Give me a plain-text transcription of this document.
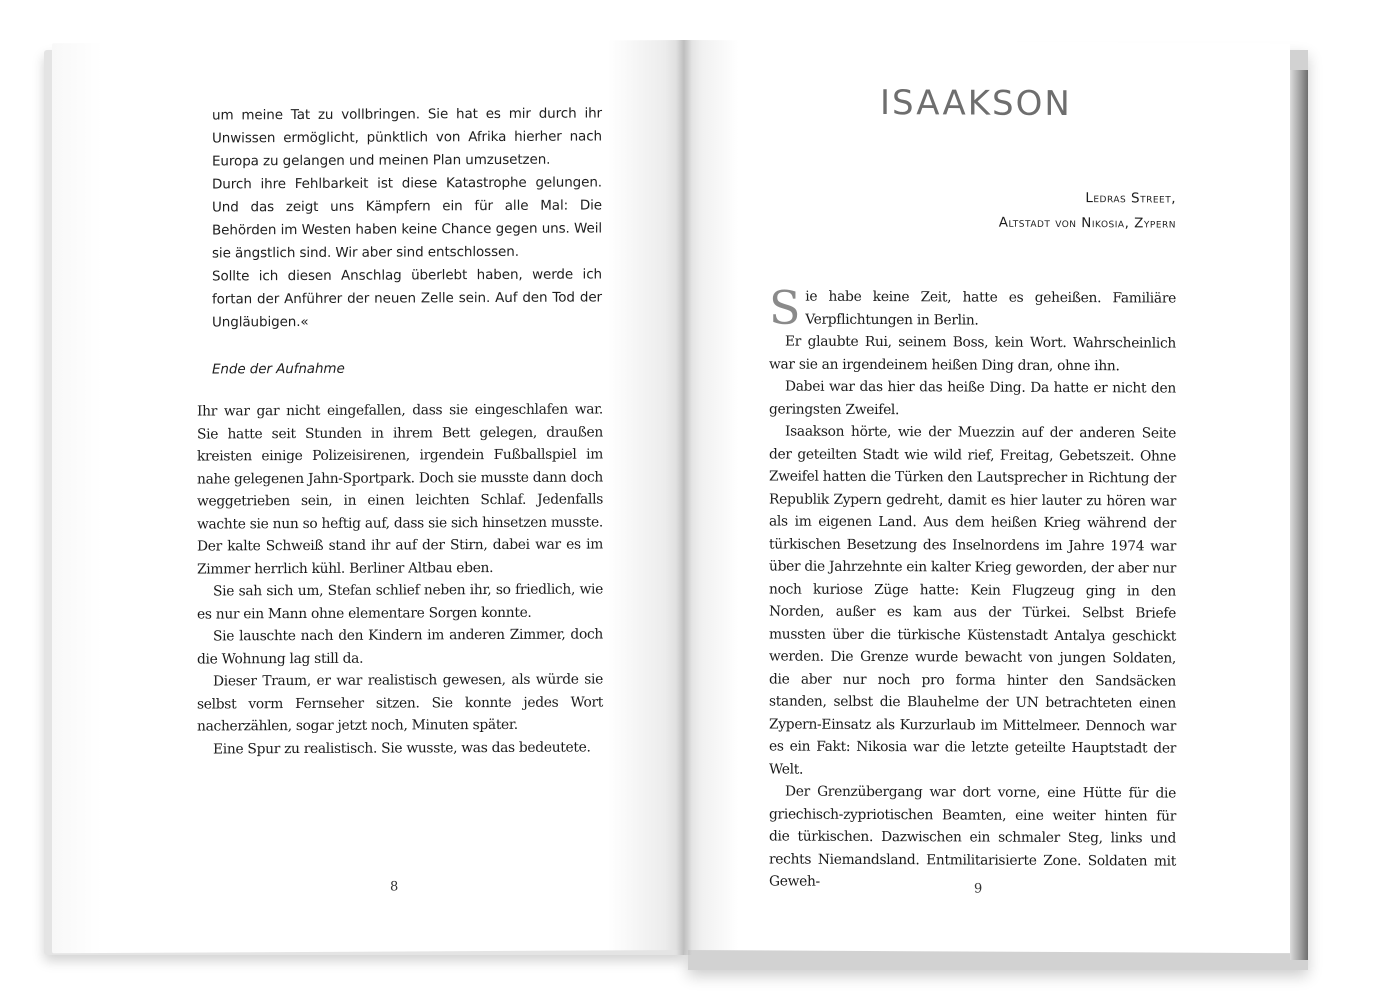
um meine Tat zu vollbringen. Sie hat es mir durch ihr Unwissen ermöglicht, pünktlich von Afrika hierher nach Europa zu gelangen und meinen Plan umzusetzen.

Durch ihre Fehlbarkeit ist diese Katastrophe gelungen. Und das zeigt uns Kämpfern ein für alle Mal: Die Behörden im Westen haben keine Chance gegen uns. Weil sie ängstlich sind. Wir aber sind entschlossen.

Sollte ich diesen Anschlag überlebt haben, werde ich fortan der Anführer der neuen Zelle sein. Auf den Tod der Ungläubigen.«

Ende der Aufnahme

Ihr war gar nicht eingefallen, dass sie eingeschlafen war. Sie hatte seit Stunden in ihrem Bett gelegen, draußen kreisten einige Polizeisirenen, irgendein Fußballspiel im nahe gelegenen Jahn-Sportpark. Doch sie musste dann doch weggetrieben sein, in einen leichten Schlaf. Jedenfalls wachte sie nun so heftig auf, dass sie sich hinsetzen musste. Der kalte Schweiß stand ihr auf der Stirn, dabei war es im Zimmer herrlich kühl. Berliner Altbau eben.

Sie sah sich um, Stefan schlief neben ihr, so friedlich, wie es nur ein Mann ohne elementare Sorgen konnte.

Sie lauschte nach den Kindern im anderen Zimmer, doch die Wohnung lag still da.

Dieser Traum, er war realistisch gewesen, als würde sie selbst vorm Fernseher sitzen. Sie konnte jedes Wort nacherzählen, sogar jetzt noch, Minuten später.

Eine Spur zu realistisch. Sie wusste, was das bedeutete.

8
ISAAKSON
Ledras Street,
Altstadt von Nikosia, Zypern

Sie habe keine Zeit, hatte es geheißen. Familiäre Verpflichtungen in Berlin.

Er glaubte Rui, seinem Boss, kein Wort. Wahrscheinlich war sie an irgendeinem heißen Ding dran, ohne ihn.

Dabei war das hier das heiße Ding. Da hatte er nicht den geringsten Zweifel.

Isaakson hörte, wie der Muezzin auf der anderen Seite der geteilten Stadt wie wild rief, Freitag, Gebetszeit. Ohne Zweifel hatten die Türken den Lautsprecher in Richtung der Republik Zypern gedreht, damit es hier lauter zu hören war als im eigenen Land. Aus dem heißen Krieg während der türkischen Besetzung des Inselnordens im Jahre 1974 war über die Jahrzehnte ein kalter Krieg geworden, der aber nur noch kuriose Züge hatte: Kein Flugzeug ging in den Norden, außer es kam aus der Türkei. Selbst Briefe mussten über die türkische Küstenstadt Antalya geschickt werden. Die Grenze wurde bewacht von jungen Soldaten, die aber nur noch pro forma hinter den Sandsäcken standen, selbst die Blauhelme der UN betrachteten einen Zypern-Einsatz als Kurzurlaub im Mittelmeer. Dennoch war es ein Fakt: Nikosia war die letzte geteilte Hauptstadt der Welt.

Der Grenzübergang war dort vorne, eine Hütte für die griechisch-zypriotischen Beamten, eine weiter hinten für die türkischen. Dazwischen ein schmaler Steg, links und rechts Niemandsland. Entmilitarisierte Zone. Soldaten mit Geweh-	9
